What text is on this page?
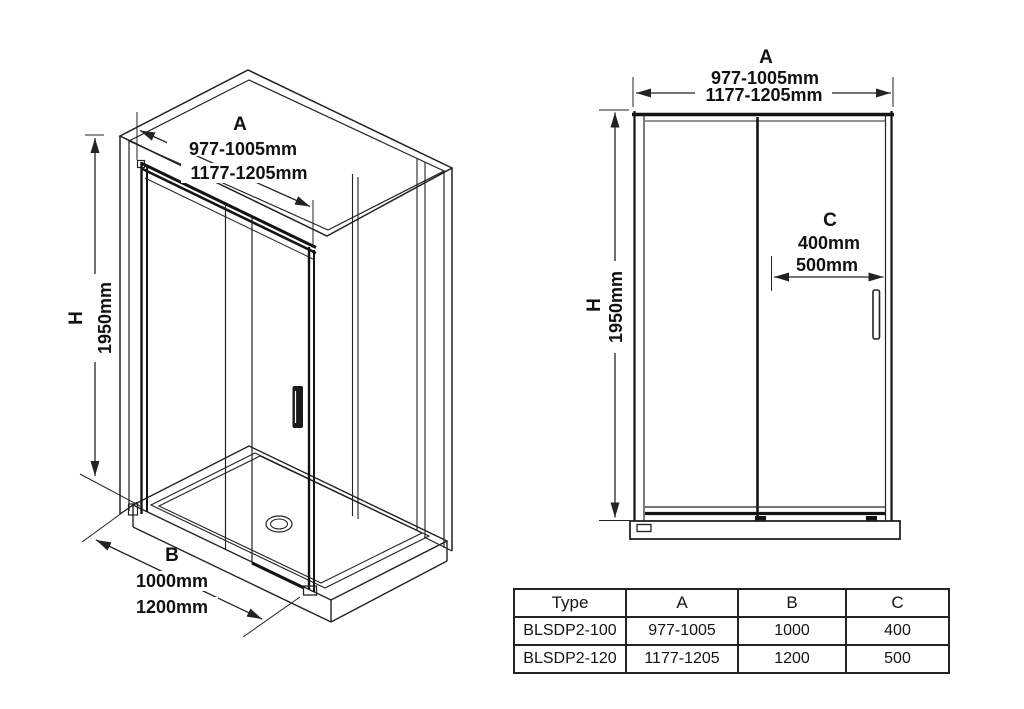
A
977-1005mm
1177-1205mm
H 1950mm
B
1000mm
1200mm
A
977-1005mm
1177-1205mm
H 1950mm
C
400mm
500mm
Type	A	B	C
BLSDP2-100	977-1005	1000	400
BLSDP2-120	1177-1205	1200	500
